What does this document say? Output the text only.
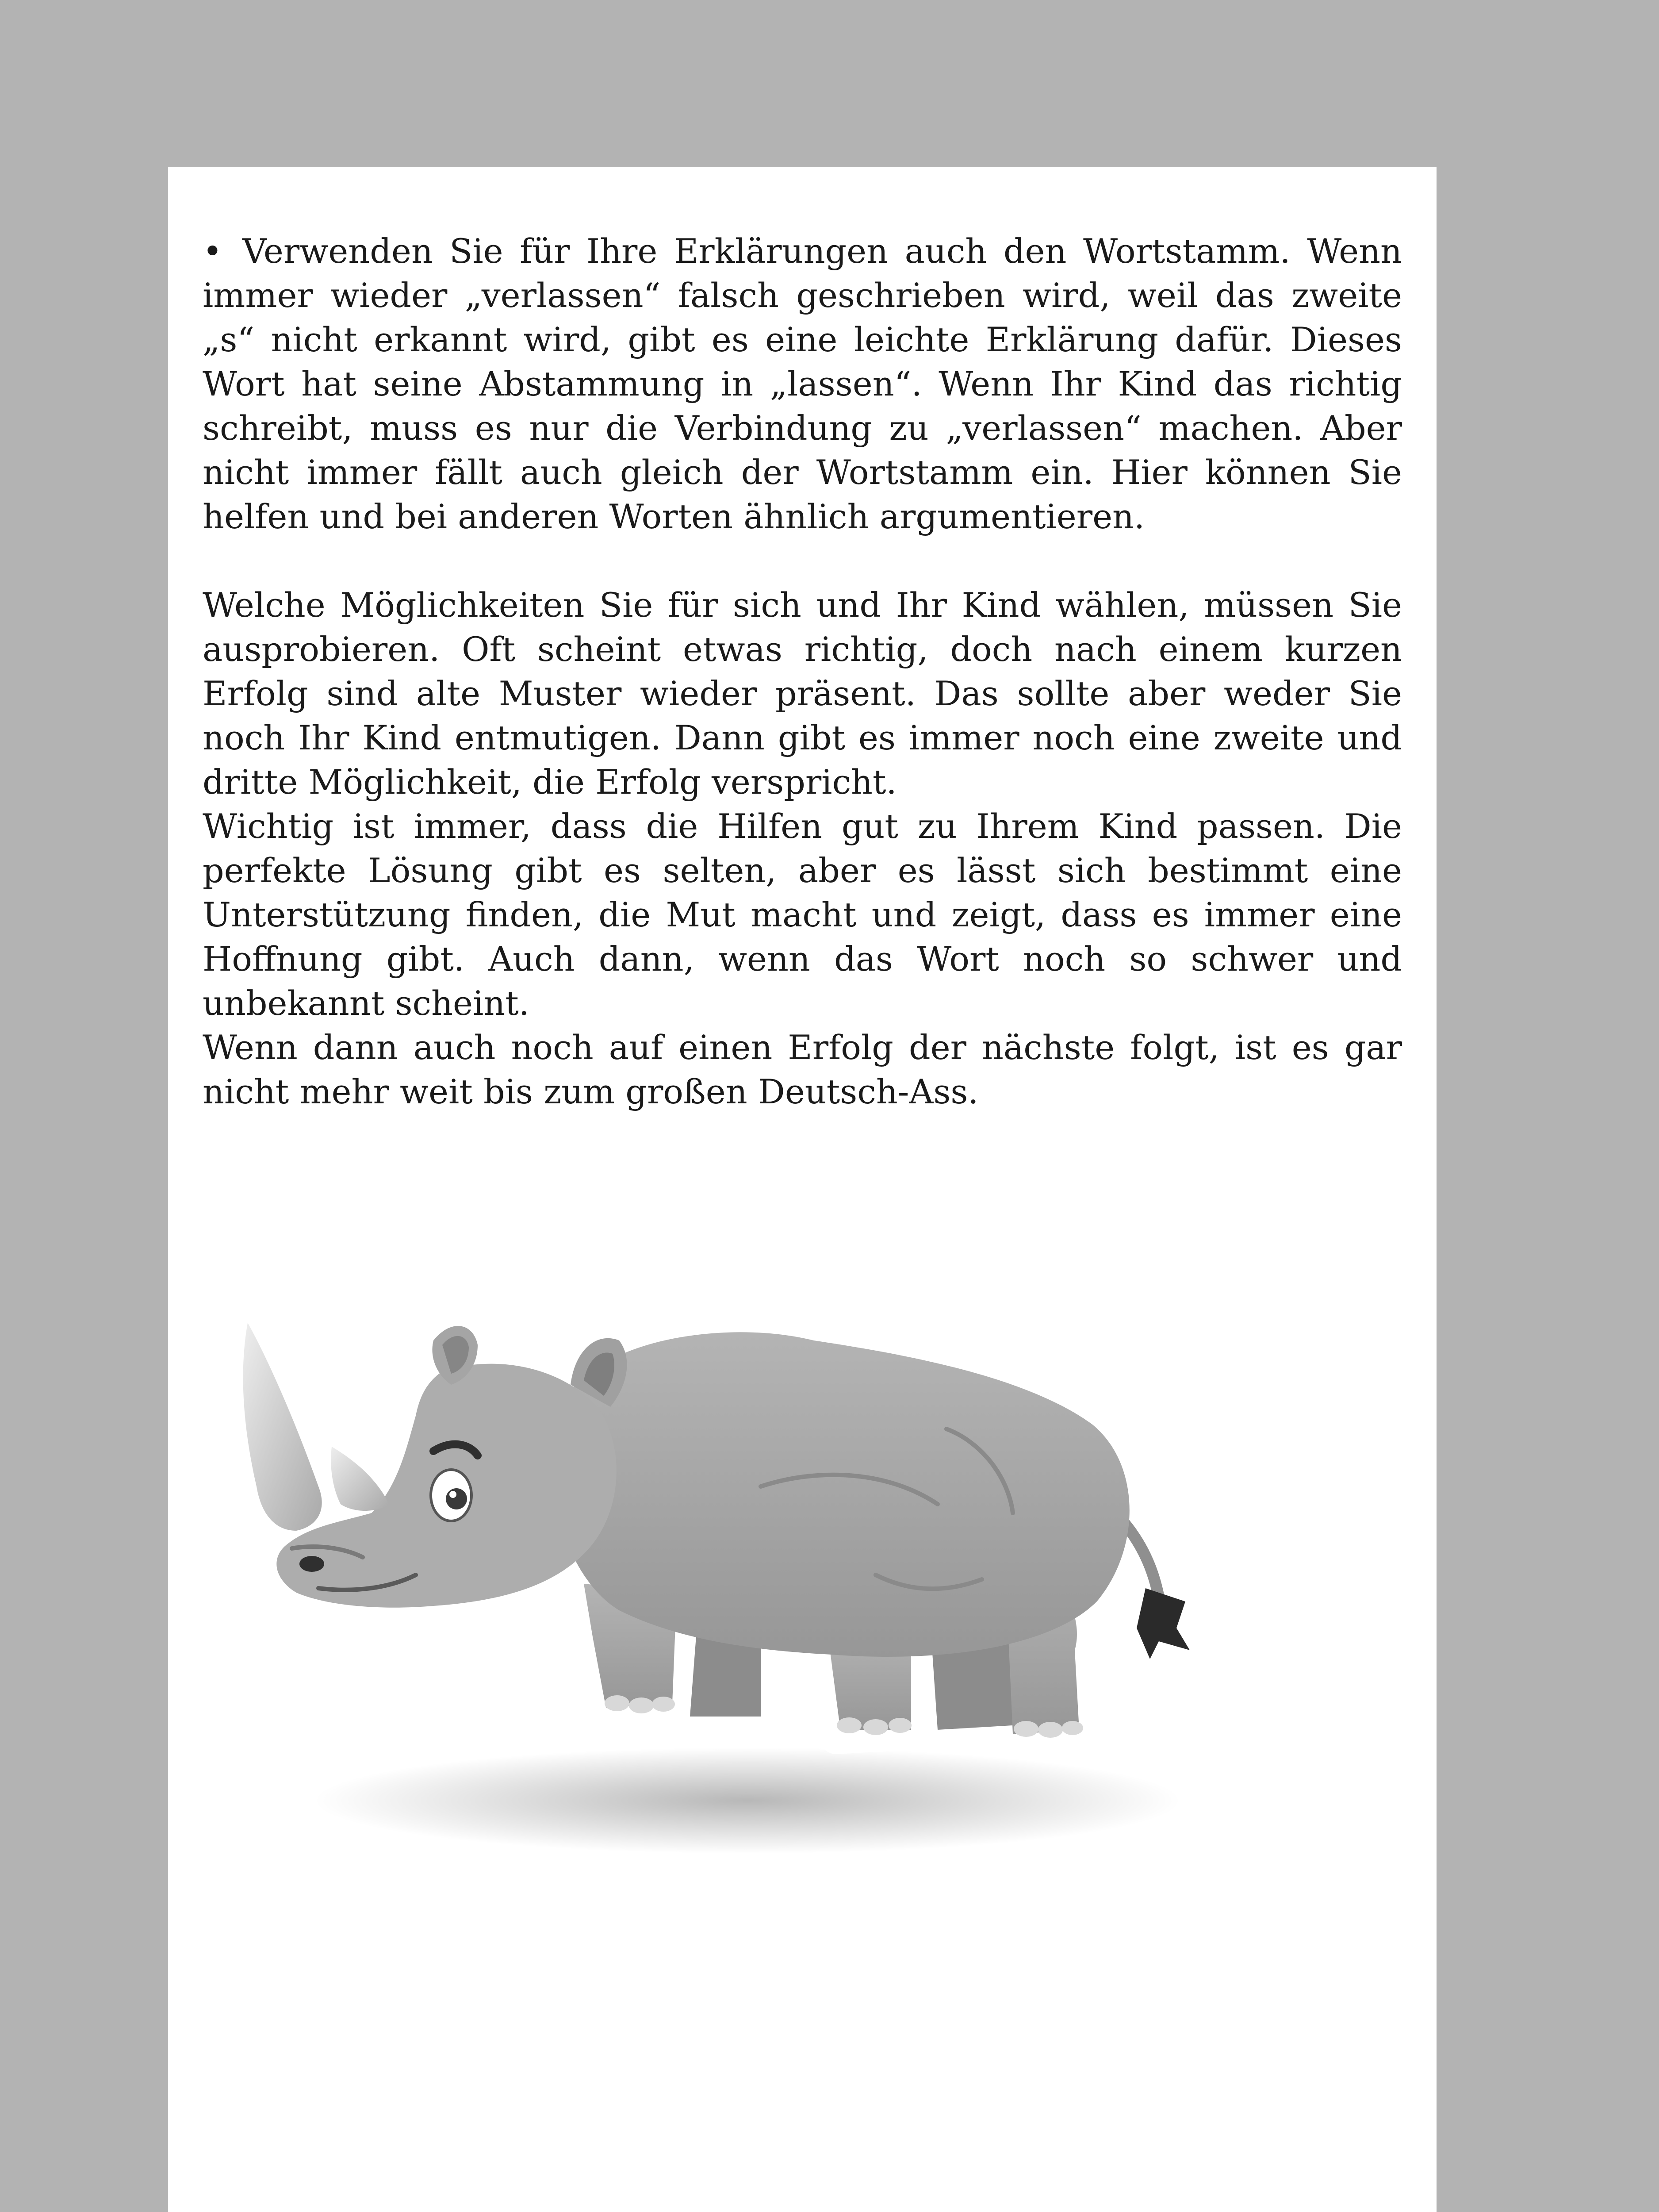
• Verwenden Sie für Ihre Erklärungen auch den Wortstamm. Wenn immer wieder „verlassen“ falsch geschrieben wird, weil das zweite „s“ nicht erkannt wird, gibt es eine leichte Erklärung dafür. Dieses Wort hat seine Abstammung in „lassen“. Wenn Ihr Kind das richtig schreibt, muss es nur die Verbindung zu „verlassen“ machen. Aber nicht immer fällt auch gleich der Wortstamm ein. Hier können Sie helfen und bei anderen Worten ähnlich argumentieren.

Welche Möglichkeiten Sie für sich und Ihr Kind wählen, müssen Sie ausprobieren. Oft scheint etwas richtig, doch nach einem kurzen Erfolg sind alte Muster wieder präsent. Das sollte aber weder Sie noch Ihr Kind entmutigen. Dann gibt es immer noch eine zweite und dritte Möglichkeit, die Erfolg verspricht.

Wichtig ist immer, dass die Hilfen gut zu Ihrem Kind passen. Die perfekte Lösung gibt es selten, aber es lässt sich bestimmt eine Unterstützung finden, die Mut macht und zeigt, dass es immer eine Hoffnung gibt. Auch dann, wenn das Wort noch so schwer und unbekannt scheint.

Wenn dann auch noch auf einen Erfolg der nächste folgt, ist es gar nicht mehr weit bis zum großen Deutsch-Ass.
